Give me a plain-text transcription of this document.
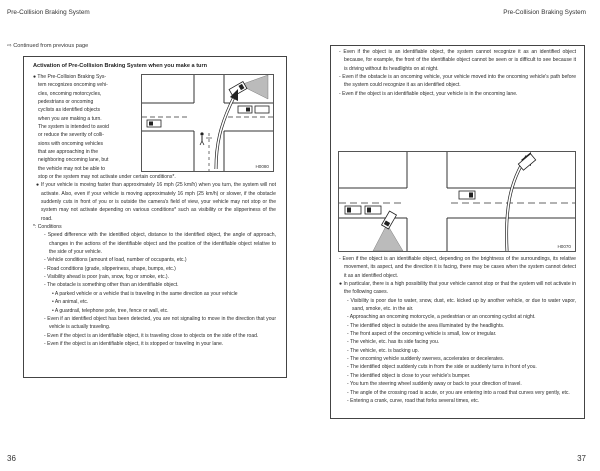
Pre-Collision Braking System	Pre-Collision Braking System
⇨ Continued from previous page
Activation of Pre-Collision Braking System when you make a turn
● The Pre-Collision Braking Sys-
tem recognizes oncoming vehi-
cles, oncoming motorcycles,
pedestrians or oncoming
cyclists as identified objects
when you are making a turn.
The system is intended to avoid
or reduce the severity of colli-
sions with oncoming vehicles
that are approaching in the
neighboring oncoming lane, but
the vehicle may not be able to	H0080
stop or the system may not activate under certain conditions*.
● If your vehicle is moving faster than approximately 16 mph (25 km/h) when you turn, the system will not activate. Also, even if your vehicle is moving approximately 16 mph (25 km/h) or slower, if the obstacle suddenly cuts in front of you or is outside the camera's field of view, your vehicle may not stop or the system may not activate depending on various conditions* such as visibility or the slipperiness of the road.
*: Conditions
- Speed difference with the identified object, distance to the identified object, the angle of approach, changes in the actions of the identifiable object and the position of the identifiable object relative to the side of your vehicle.
- Vehicle conditions (amount of load, number of occupants, etc.)
- Road conditions (grade, slipperiness, shape, bumps, etc.)
- Visibility ahead is poor (rain, snow, fog or smoke, etc.).
- The obstacle is something other than an identifiable object.
• A parked vehicle or a vehicle that is traveling in the same direction as your vehicle
• An animal, etc.
• A guardrail, telephone pole, tree, fence or wall, etc.
- Even if an identified object has been detected, you are not signaling to move in the direction that your vehicle is actually traveling.
- Even if the object is an identifiable object, it is traveling close to objects on the side of the road.
- Even if the object is an identifiable object, it is stopped or traveling in your lane.
36
- Even if the object is an identifiable object, the system cannot recognize it as an identified object because, for example, the front of the identifiable object cannot be seen or is difficult to see because it is driving without its headlights on at night.
- Even if the obstacle is an oncoming vehicle, your vehicle moved into the oncoming vehicle's path before the system could recognize it as an identified object.
- Even if the object is an identifiable object, your vehicle is in the oncoming lane.
H0070
- Even if the object is an identifiable object, depending on the brightness of the surroundings, its relative movement, its aspect, and the direction it is facing, there may be cases when the system cannot detect it as an identified object.
● In particular, there is a high possibility that your vehicle cannot stop or that the system will not activate in the following cases.
- Visibility is poor due to water, snow, dust, etc. kicked up by another vehicle, or due to water vapor, sand, smoke, etc. in the air.
- Approaching an oncoming motorcycle, a pedestrian or an oncoming cyclist at night.
- The identified object is outside the area illuminated by the headlights.
- The front aspect of the oncoming vehicle is small, low or irregular.
- The vehicle, etc. has its side facing you.
- The vehicle, etc. is backing up.
- The oncoming vehicle suddenly swerves, accelerates or decelerates.
- The identified object suddenly cuts in from the side or suddenly turns in front of you.
- The identified object is close to your vehicle's bumper.
- You turn the steering wheel suddenly away or back to your direction of travel.
- The angle of the crossing road is acute, or you are entering into a road that curves very gently, etc.
- Entering a crank, curve, road that forks several times, etc.
37
